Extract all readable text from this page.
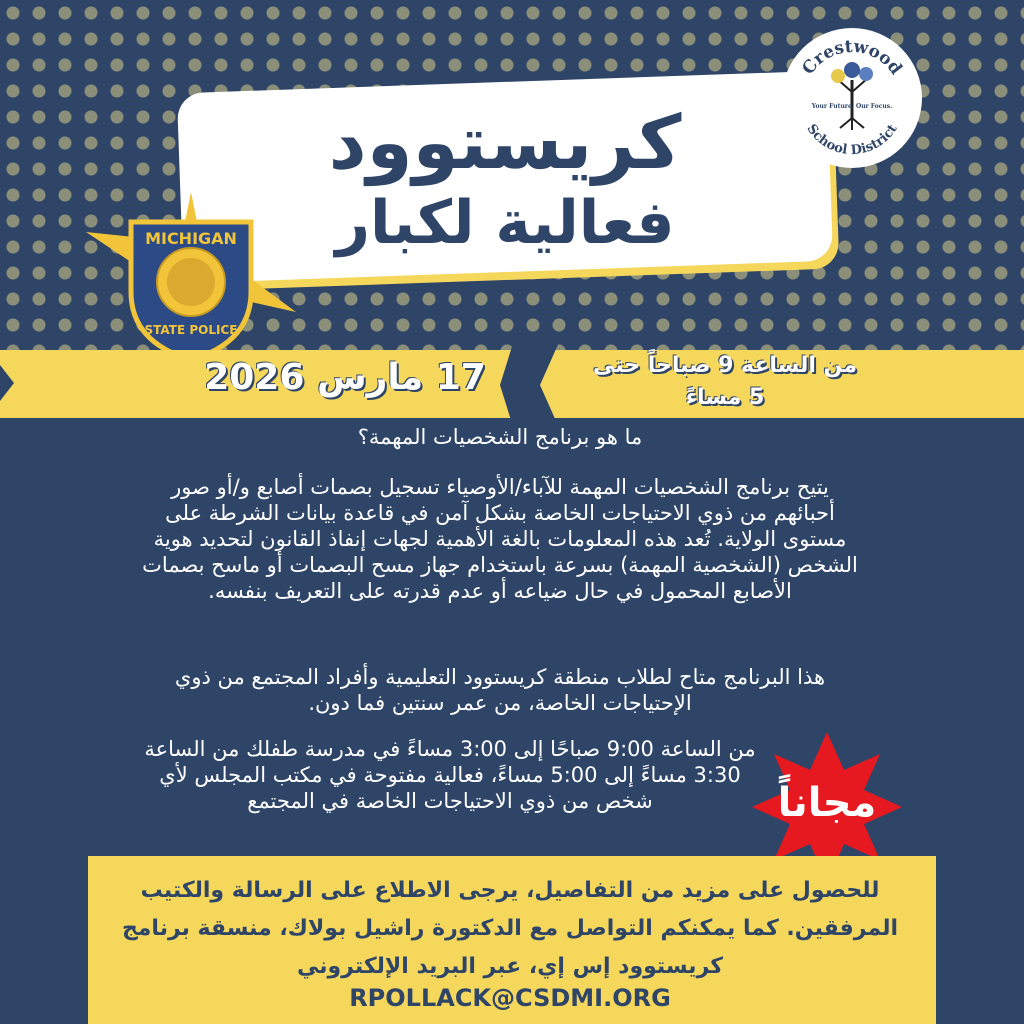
كريستوود
فعالية لكبار
Crestwood
Your Future. Our Focus.
School District
MICHIGAN
STATE POLICE
17 مارس 2026	من الساعة 9 صباحاً حتى
5 مساءً
ما هو برنامج الشخصيات المهمة؟
يتيح برنامج الشخصيات المهمة للآباء/الأوصياء تسجيل بصمات أصابع و/أو صور أحبائهم من ذوي الاحتياجات الخاصة بشكل آمن في قاعدة بيانات الشرطة على مستوى الولاية. تُعد هذه المعلومات بالغة الأهمية لجهات إنفاذ القانون لتحديد هوية الشخص (الشخصية المهمة) بسرعة باستخدام جهاز مسح البصمات أو ماسح بصمات الأصابع المحمول في حال ضياعه أو عدم قدرته على التعريف بنفسه.
هذا البرنامج متاح لطلاب منطقة كريستوود التعليمية وأفراد المجتمع من ذوي الإحتياجات الخاصة، من عمر سنتين فما دون.
من الساعة 9:00 صباحًا إلى 3:00 مساءً في مدرسة طفلك من الساعة 3:30 مساءً إلى 5:00 مساءً، فعالية مفتوحة في مكتب المجلس لأي شخص من ذوي الاحتياجات الخاصة في المجتمع	مجاناً
للحصول على مزيد من التفاصيل، يرجى الاطلاع على الرسالة والكتيب المرفقين. كما يمكنكم التواصل مع الدكتورة راشيل بولاك، منسقة برنامج كريستوود إس إي، عبر البريد الإلكتروني
RPOLLACK@CSDMI.ORG
